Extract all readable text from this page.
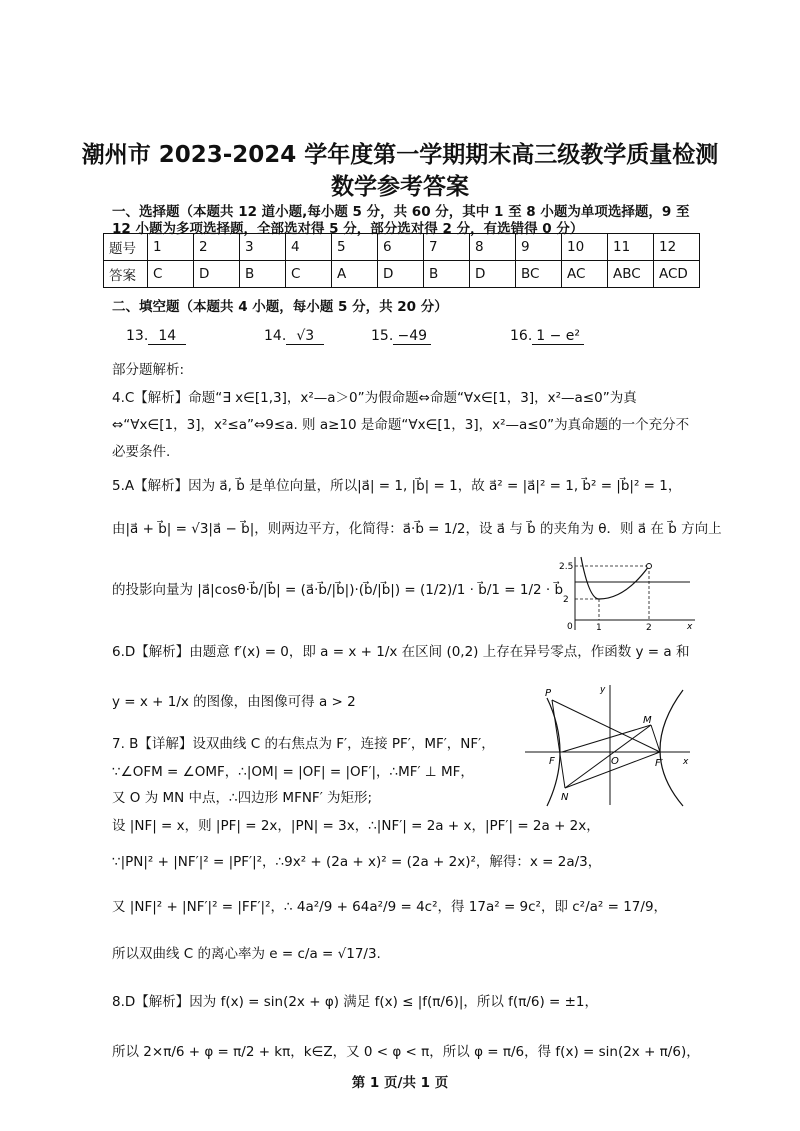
潮州市 2023-2024 学年度第一学期期末高三级教学质量检测
数学参考答案
一、选择题（本题共 12 道小题,每小题 5 分，共 60 分，其中 1 至 8 小题为单项选择题，9 至
12 小题为多项选择题，全部选对得 5 分，部分选对得 2 分，有选错得 0 分）
题号	1	2	3	4	5	6	7	8	9	10	11	12
答案	C	D	B	C	A	D	B	D	BC	AC	ABC	ACD
二、填空题（本题共 4 小题，每小题 5 分，共 20 分）
13. 14	14. √3	15. −49	16. 1 − e²
部分题解析:
4.C【解析】命题“∃ x∈[1,3]，x²—a＞0”为假命题⇔命题“∀x∈[1，3]，x²—a≤0”为真
⇔“∀x∈[1，3]，x²≤a”⇔9≤a. 则 a≥10 是命题“∀x∈[1，3]，x²—a≤0”为真命题的一个充分不
必要条件.
5.A【解析】因为 a⃗, b⃗ 是单位向量，所以|a⃗| = 1, |b⃗| = 1，故 a⃗² = |a⃗|² = 1, b⃗² = |b⃗|² = 1，
由|a⃗ + b⃗| = √3|a⃗ − b⃗|，则两边平方，化简得：a⃗·b⃗ = 1/2，设 a⃗ 与 b⃗ 的夹角为 θ．则 a⃗ 在 b⃗ 方向上
的投影向量为 |a⃗|cosθ·b⃗/|b⃗| = (a⃗·b⃗/|b⃗|)·(b⃗/|b⃗|) = (1/2)/1 · b⃗/1 = 1/2 · b⃗
2.5
2
0	1	2	x
6.D【解析】由题意 f′(x) = 0，即 a = x + 1/x 在区间 (0,2) 上存在异号零点，作函数 y = a 和
y = x + 1/x 的图像，由图像可得 a > 2
P
M
F	O	F′
N
x
y
7. B【详解】设双曲线 C 的右焦点为 F′，连接 PF′，MF′，NF′，
∵∠OFM = ∠OMF，∴|OM| = |OF| = |OF′|，∴MF′ ⊥ MF，
又 O 为 MN 中点，∴四边形 MFNF′ 为矩形;
设 |NF| = x，则 |PF| = 2x，|PN| = 3x，∴|NF′| = 2a + x，|PF′| = 2a + 2x，
∵|PN|² + |NF′|² = |PF′|²，∴9x² + (2a + x)² = (2a + 2x)²，解得：x = 2a/3，
又 |NF|² + |NF′|² = |FF′|²，∴ 4a²/9 + 64a²/9 = 4c²，得 17a² = 9c²，即 c²/a² = 17/9，
所以双曲线 C 的离心率为 e = c/a = √17/3.
8.D【解析】因为 f(x) = sin(2x + φ) 满足 f(x) ≤ |f(π/6)|，所以 f(π/6) = ±1，
所以 2×π/6 + φ = π/2 + kπ，k∈Z，又 0 < φ < π，所以 φ = π/6，得 f(x) = sin(2x + π/6)，
第 1 页/共 1 页
